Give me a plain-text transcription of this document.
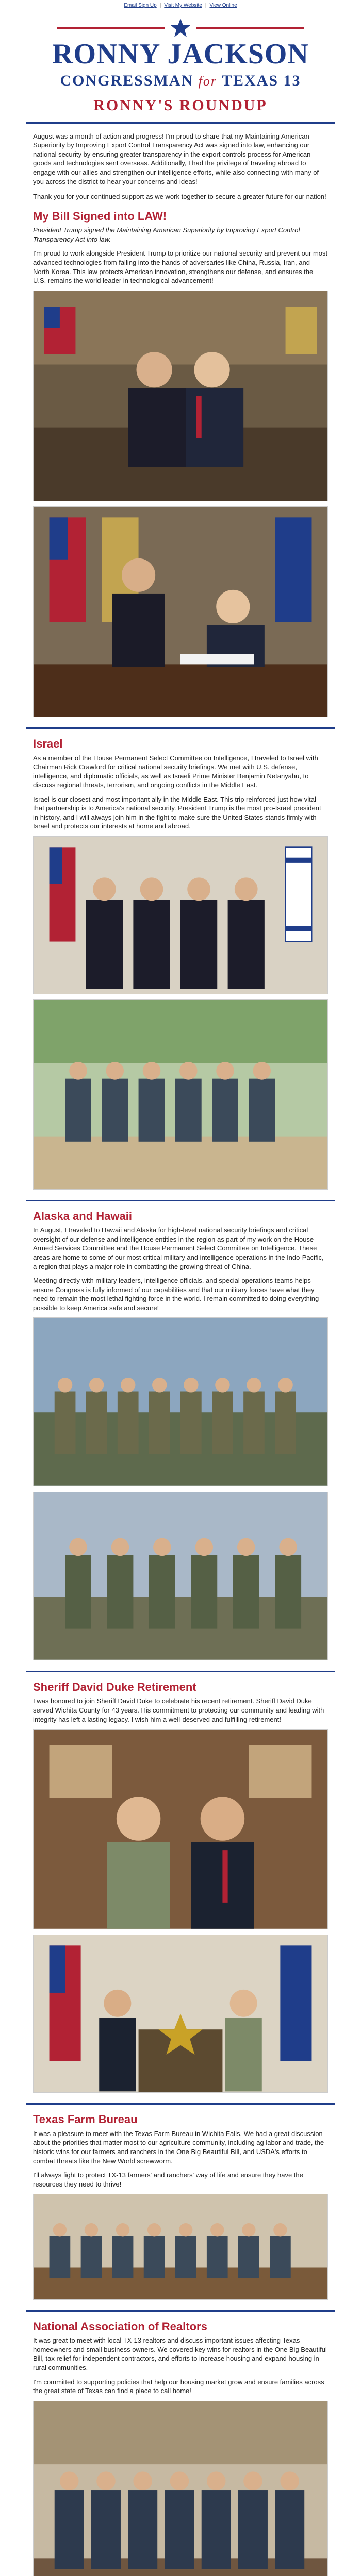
Email Sign Up | Visit My Website | View Online
RONNY JACKSON
CONGRESSMAN for TEXAS 13
RONNY'S ROUNDUP

August was a month of action and progress! I'm proud to share that my Maintaining American Superiority by Improving Export Control Transparency Act was signed into law, enhancing our national security by ensuring greater transparency in the export controls process for American goods and technologies sent overseas. Additionally, I had the privilege of traveling abroad to engage with our allies and strengthen our intelligence efforts, while also connecting with many of you across the district to hear your concerns and ideas!

Thank you for your continued support as we work together to secure a greater future for our nation!

My Bill Signed into LAW!
President Trump signed the Maintaining American Superiority by Improving Export Control Transparency Act into law.

I'm proud to work alongside President Trump to prioritize our national security and prevent our most advanced technologies from falling into the hands of adversaries like China, Russia, Iran, and North Korea. This law protects American innovation, strengthens our defense, and ensures the U.S. remains the world leader in technological advancement!

Israel

As a member of the House Permanent Select Committee on Intelligence, I traveled to Israel with Chairman Rick Crawford for critical national security briefings. We met with U.S. defense, intelligence, and diplomatic officials, as well as Israeli Prime Minister Benjamin Netanyahu, to discuss regional threats, terrorism, and ongoing conflicts in the Middle East.

Israel is our closest and most important ally in the Middle East. This trip reinforced just how vital that partnership is to America's national security. President Trump is the most pro-Israel president in history, and I will always join him in the fight to make sure the United States stands firmly with Israel and protects our interests at home and abroad.

Alaska and Hawaii

In August, I traveled to Hawaii and Alaska for high-level national security briefings and critical oversight of our defense and intelligence entities in the region as part of my work on the House Armed Services Committee and the House Permanent Select Committee on Intelligence. These areas are home to some of our most critical military and intelligence operations in the Indo-Pacific, a region that plays a major role in combatting the growing threat of China.

Meeting directly with military leaders, intelligence officials, and special operations teams helps ensure Congress is fully informed of our capabilities and that our military forces have what they need to remain the most lethal fighting force in the world. I remain committed to doing everything possible to keep America safe and secure!

Sheriff David Duke Retirement

I was honored to join Sheriff David Duke to celebrate his recent retirement. Sheriff David Duke served Wichita County for 43 years. His commitment to protecting our community and leading with integrity has left a lasting legacy. I wish him a well-deserved and fulfilling retirement!

Texas Farm Bureau

It was a pleasure to meet with the Texas Farm Bureau in Wichita Falls. We had a great discussion about the priorities that matter most to our agriculture community, including ag labor and trade, the historic wins for our farmers and ranchers in the One Big Beautiful Bill, and USDA's efforts to combat threats like the New World screwworm.

I'll always fight to protect TX-13 farmers' and ranchers' way of life and ensure they have the resources they need to thrive!

National Association of Realtors

It was great to meet with local TX-13 realtors and discuss important issues affecting Texas homeowners and small business owners. We covered key wins for realtors in the One Big Beautiful Bill, tax relief for independent contractors, and efforts to increase housing and expand housing in rural communities.

I'm committed to supporting policies that help our housing market grow and ensure families across the great state of Texas can find a place to call home!
